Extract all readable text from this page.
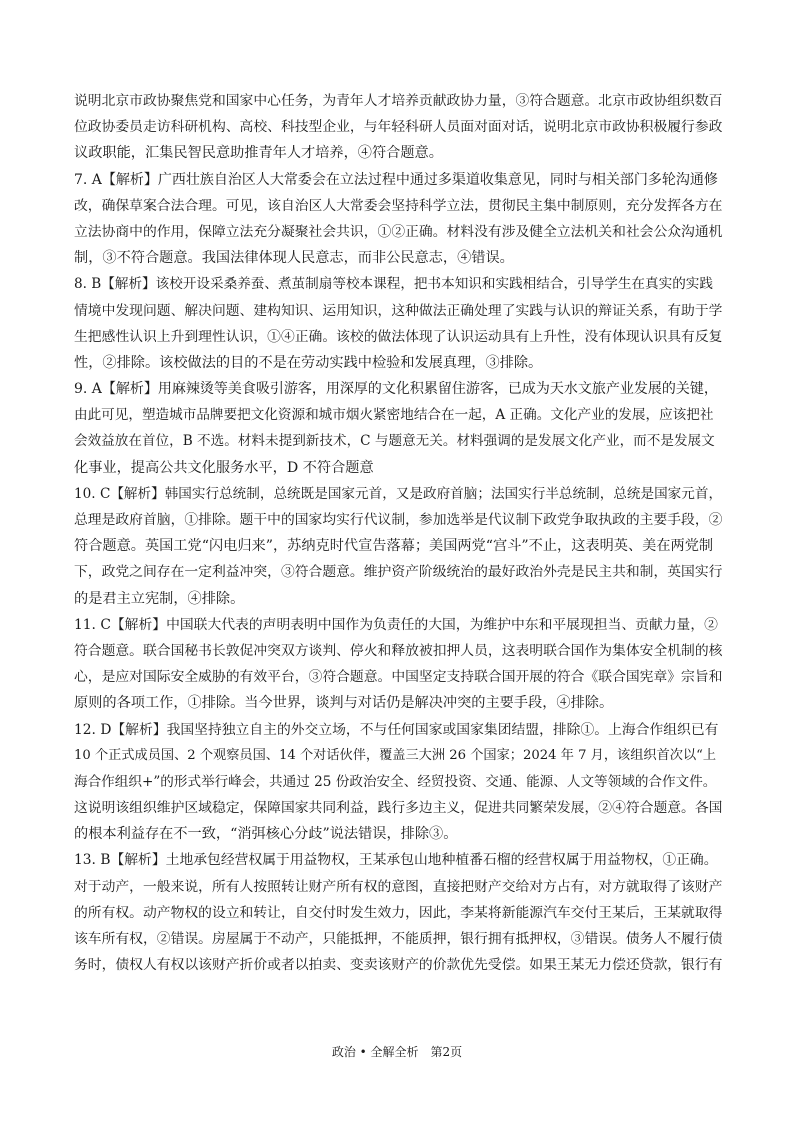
说明北京市政协聚焦党和国家中心任务，为青年人才培养贡献政协力量，③符合题意。北京市政协组织数百
位政协委员走访科研机构、高校、科技型企业，与年轻科研人员面对面对话，说明北京市政协积极履行参政
议政职能，汇集民智民意助推青年人才培养，④符合题意。
7. A【解析】广西壮族自治区人大常委会在立法过程中通过多渠道收集意见，同时与相关部门多轮沟通修
改，确保草案合法合理。可见，该自治区人大常委会坚持科学立法，贯彻民主集中制原则，充分发挥各方在
立法协商中的作用，保障立法充分凝聚社会共识，①②正确。材料没有涉及健全立法机关和社会公众沟通机
制，③不符合题意。我国法律体现人民意志，而非公民意志，④错误。
8. B【解析】该校开设采桑养蚕、煮茧制扇等校本课程，把书本知识和实践相结合，引导学生在真实的实践
情境中发现问题、解决问题、建构知识、运用知识，这种做法正确处理了实践与认识的辩证关系，有助于学
生把感性认识上升到理性认识，①④正确。该校的做法体现了认识运动具有上升性，没有体现认识具有反复
性，②排除。该校做法的目的不是在劳动实践中检验和发展真理，③排除。
9. A【解析】用麻辣烫等美食吸引游客，用深厚的文化积累留住游客，已成为天水文旅产业发展的关键，
由此可见，塑造城市品牌要把文化资源和城市烟火紧密地结合在一起，A 正确。文化产业的发展，应该把社
会效益放在首位，B 不选。材料未提到新技术，C 与题意无关。材料强调的是发展文化产业，而不是发展文
化事业，提高公共文化服务水平，D 不符合题意
10. C【解析】韩国实行总统制，总统既是国家元首，又是政府首脑；法国实行半总统制，总统是国家元首，
总理是政府首脑，①排除。题干中的国家均实行代议制，参加选举是代议制下政党争取执政的主要手段，②
符合题意。英国工党“闪电归来”，苏纳克时代宣告落幕；美国两党“宫斗”不止，这表明英、美在两党制
下，政党之间存在一定利益冲突，③符合题意。维护资产阶级统治的最好政治外壳是民主共和制，英国实行
的是君主立宪制，④排除。
11. C【解析】中国联大代表的声明表明中国作为负责任的大国，为维护中东和平展现担当、贡献力量，②
符合题意。联合国秘书长敦促冲突双方谈判、停火和释放被扣押人员，这表明联合国作为集体安全机制的核
心，是应对国际安全威胁的有效平台，③符合题意。中国坚定支持联合国开展的符合《联合国宪章》宗旨和
原则的各项工作，①排除。当今世界，谈判与对话仍是解决冲突的主要手段，④排除。
12. D【解析】我国坚持独立自主的外交立场，不与任何国家或国家集团结盟，排除①。上海合作组织已有
10 个正式成员国、2 个观察员国、14 个对话伙伴，覆盖三大洲 26 个国家；2024 年 7 月，该组织首次以“上
海合作组织+”的形式举行峰会，共通过 25 份政治安全、经贸投资、交通、能源、人文等领域的合作文件。
这说明该组织维护区域稳定，保障国家共同利益，践行多边主义，促进共同繁荣发展，②④符合题意。各国
的根本利益存在不一致，“消弭核心分歧”说法错误，排除③。
13. B【解析】土地承包经营权属于用益物权，王某承包山地种植番石榴的经营权属于用益物权，①正确。
对于动产，一般来说，所有人按照转让财产所有权的意图，直接把财产交给对方占有，对方就取得了该财产
的所有权。动产物权的设立和转让，自交付时发生效力，因此，李某将新能源汽车交付王某后，王某就取得
该车所有权，②错误。房屋属于不动产，只能抵押，不能质押，银行拥有抵押权，③错误。债务人不履行债
务时，债权人有权以该财产折价或者以拍卖、变卖该财产的价款优先受偿。如果王某无力偿还贷款，银行有
政治 • 全解全析　第2页
